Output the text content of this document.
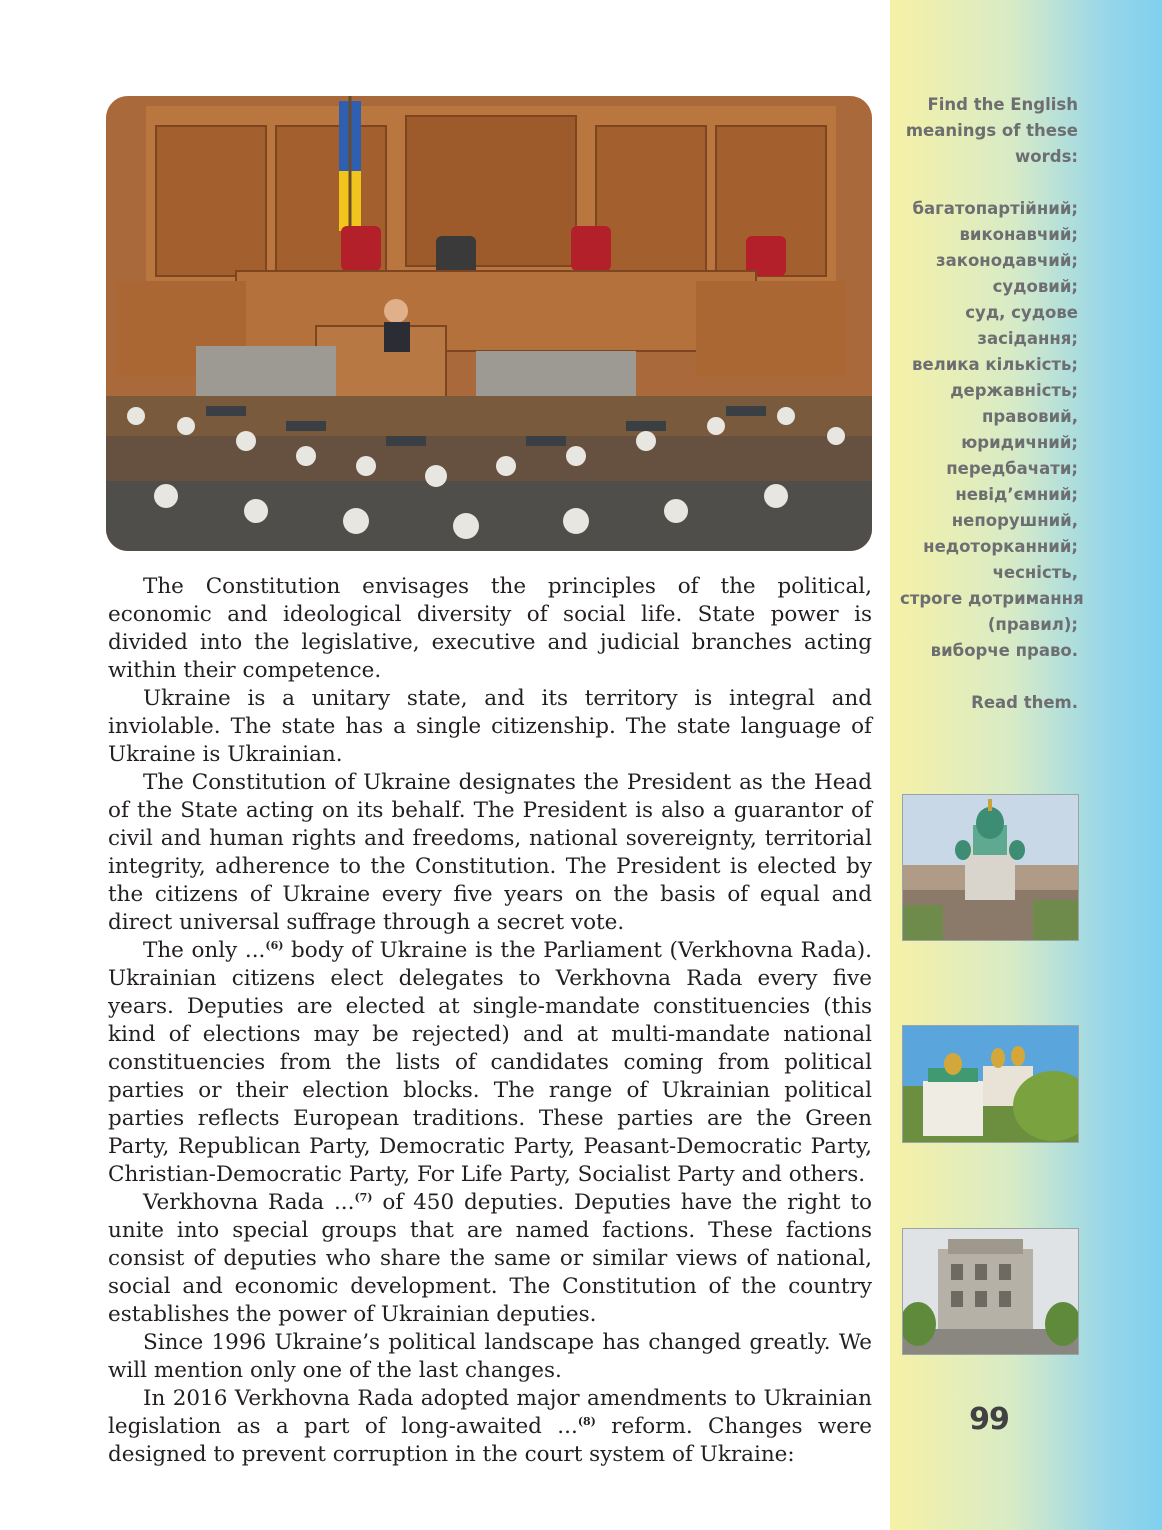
The Constitution envisages the principles of the political, economic and ideological diversity of social life. State power is divided into the legislative, executive and judicial branches acting within their competence.

Ukraine is a unitary state, and its territory is integral and inviolable. The state has a single citizenship. The state language of Ukraine is Ukrainian.

The Constitution of Ukraine designates the President as the Head of the State acting on its behalf. The President is also a guarantor of civil and human rights and freedoms, national sovereignty, territorial integrity, adherence to the Constitution. The President is elected by the citizens of Ukraine every five years on the basis of equal and direct universal suffrage through a secret vote.

The only ...$^{(6)}$ body of Ukraine is the Parliament (Verkhovna Rada). Ukrainian citizens elect delegates to Verkhovna Rada every five years. Deputies are elected at single-mandate constituencies (this kind of elections may be rejected) and at multi-mandate national constituencies from the lists of candidates coming from political parties or their election blocks. The range of Ukrainian political parties reflects European traditions. These parties are the Green Party, Republican Party, Democratic Party, Peasant-Democratic Party, Christian-Democratic Party, For Life Party, Socialist Party and others.

Verkhovna Rada ...$^{(7)}$ of 450 deputies. Deputies have the right to unite into special groups that are named factions. These factions consist of deputies who share the same or similar views of national, social and economic development. The Constitution of the country establishes the power of Ukrainian deputies.

Since 1996 Ukraine’s political landscape has changed greatly. We will mention only one of the last changes.

In 2016 Verkhovna Rada adopted major amendments to Ukrainian legislation as a part of long-awaited ...$^{(8)}$ reform. Changes were designed to prevent corruption in the court system of Ukraine:

Find the English
meanings of these
words:
багатопартійний;
виконавчий;
законодавчий;
судовий;
суд, судове
засідання;
велика кількість;
державність;
правовий,
юридичний;
передбачати;
невід’ємний;
непорушний,
недоторканний;
чесність,
строге дотримання
(правил);
виборче право.
Read them.
99
